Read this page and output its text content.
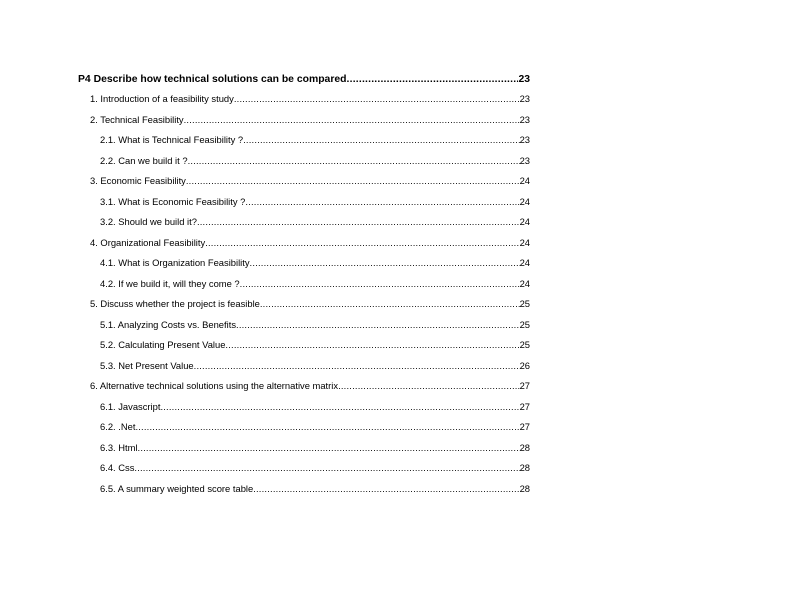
P4 Describe how technical solutions can be compared .....	23
1. Introduction of a feasibility study .....	23
2. Technical Feasibility .....	23
2.1. What is Technical Feasibility ? .....	23
2.2. Can we build it ? .....	23
3. Economic Feasibility .....	24
3.1. What is Economic Feasibility ? .....	24
3.2. Should we build it? .....	24
4. Organizational Feasibility .....	24
4.1. What is Organization Feasibility .....	24
4.2. If we build it, will they come ? .....	24
5. Discuss whether the project is feasible .....	25
5.1. Analyzing Costs vs. Benefits .....	25
5.2. Calculating Present Value .....	25
5.3. Net Present Value .....	26
6. Alternative technical solutions using the alternative matrix .....	27
6.1. Javascript .....	27
6.2. .Net .....	27
6.3. Html .....	28
6.4. Css .....	28
6.5. A summary weighted score table .....	28
